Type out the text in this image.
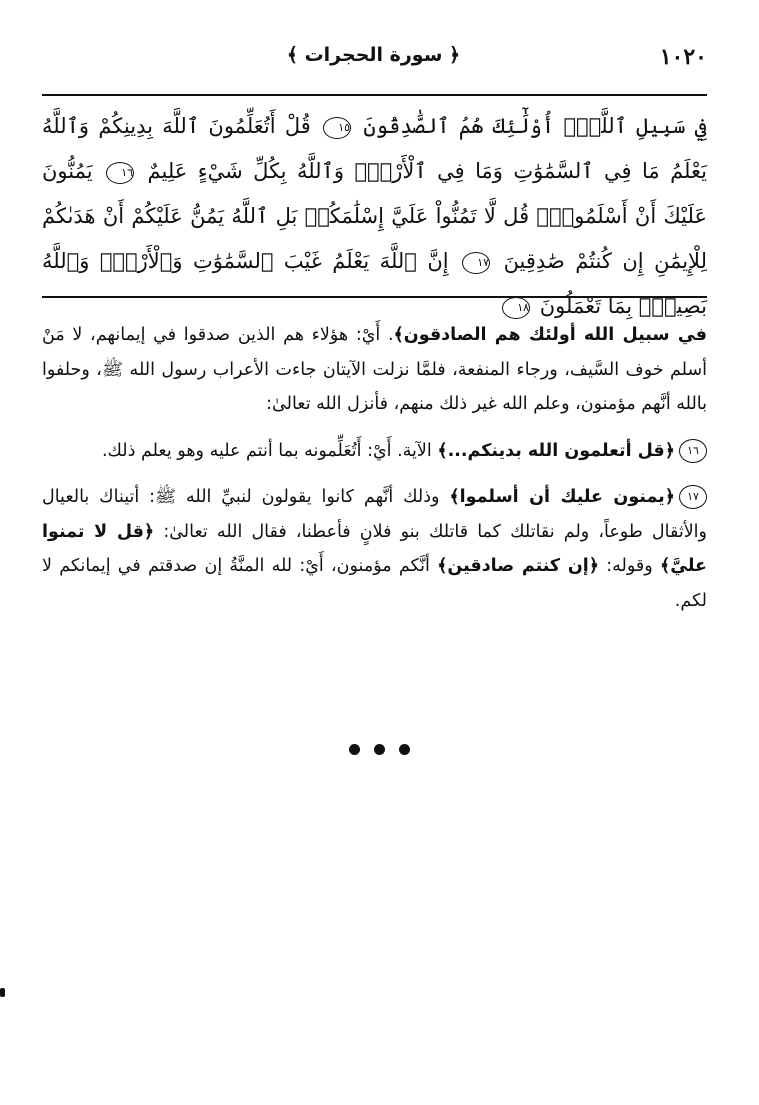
١٠٢٠
﴿ سورة الحجرات ﴾
فِي سَبِيلِ ٱللَّهِۚ أُوْلَٰٓئِكَ هُمُ ٱلصَّٰدِقُونَ ١٥ قُلْ أَتُعَلِّمُونَ ٱللَّهَ بِدِينِكُمْ وَٱللَّهُ يَعْلَمُ مَا فِي ٱلسَّمَٰوَٰتِ وَمَا فِي ٱلْأَرْضِۚ وَٱللَّهُ بِكُلِّ شَيْءٍ عَلِيمٌ ١٦ يَمُنُّونَ عَلَيْكَ أَنْ أَسْلَمُواْۖ قُل لَّا تَمُنُّواْ عَلَيَّ إِسْلَٰمَكُمۖ بَلِ ٱللَّهُ يَمُنُّ عَلَيْكُمْ أَنْ هَدَىٰكُمْ لِلْإِيمَٰنِ إِن كُنتُمْ صَٰدِقِينَ ١٧ إِنَّ ٱللَّهَ يَعْلَمُ غَيْبَ ٱلسَّمَٰوَٰتِ وَٱلْأَرْضِۚ وَٱللَّهُ بَصِيرُۢ بِمَا تَعْمَلُونَ ١٨

في سبيل الله أولئك هم الصادقون﴾. أَيْ: هؤلاء هم الذين صدقوا في إيمانهم، لا مَنْ أسلم خوف السَّيف، ورجاء المنفعة، فلمَّا نزلت الآيتان جاءت الأعراب رسول الله ﷺ، وحلفوا بالله أنَّهم مؤمنون، وعلم الله غير ذلك منهم، فأنزل الله تعالىٰ:

١٦﴿قل أتعلمون الله بدينكم...﴾ الآية. أَيْ: أَتُعَلِّمونه بما أنتم عليه وهو يعلم ذلك.

١٧﴿يمنون عليك أن أسلموا﴾ وذلك أنَّهم كانوا يقولون لنبيِّ الله ﷺ: أتيناك بالعيال والأثقال طوعاً، ولم نقاتلك كما قاتلك بنو فلانٍ فأعطنا، فقال الله تعالىٰ: ﴿قل لا تمنوا عليَّ﴾ وقوله: ﴿إن كنتم صادقين﴾ أنَّكم مؤمنون، أَيْ: لله المنَّةُ إن صدقتم في إيمانكم لا لكم.
